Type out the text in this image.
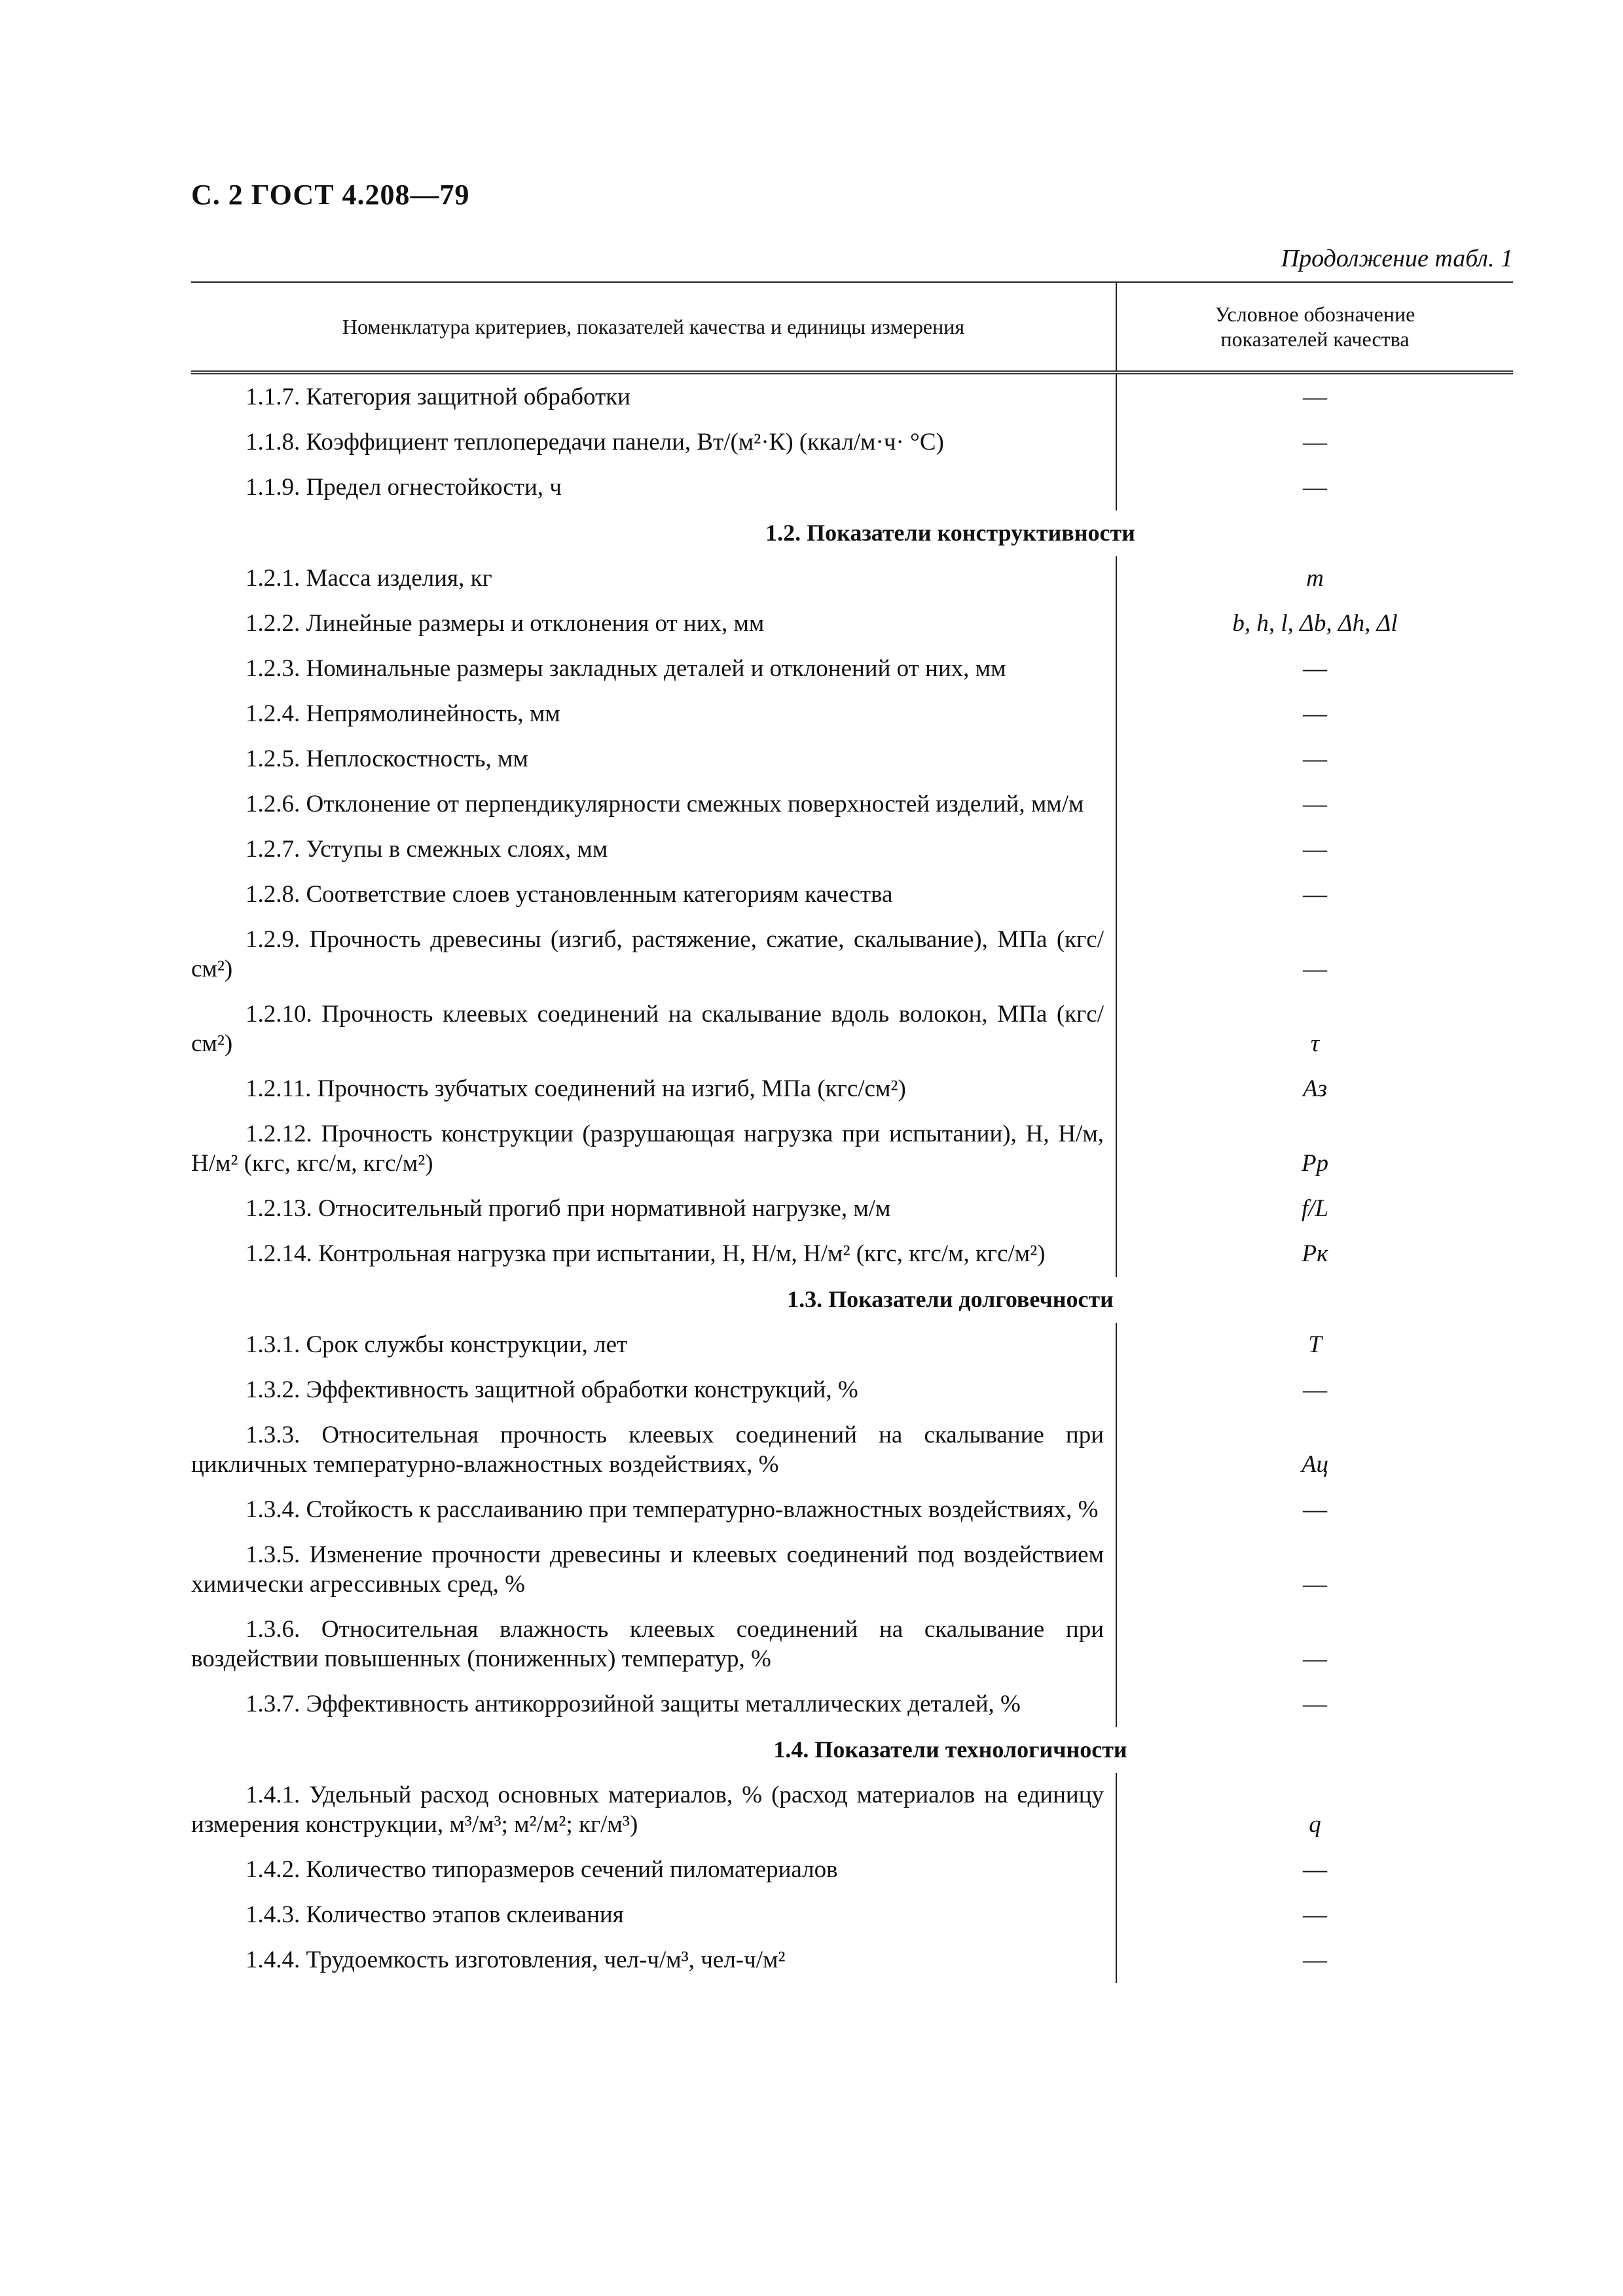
С. 2 ГОСТ 4.208—79
Продолжение табл. 1
Номенклатура критериев, показателей качества и единицы измерения	Условное обозначение показателей качества

1.1.7. Категория защитной обработки	—

1.1.8. Коэффициент теплопередачи панели, Вт/(м²·К) (ккал/м·ч· °С)	—

1.1.9. Предел огнестойкости, ч	—
1.2. Показатели конструктивности	

1.2.1. Масса изделия, кг	m

1.2.2. Линейные размеры и отклонения от них, мм	b, h, l, Δb, Δh, Δl

1.2.3. Номинальные размеры закладных деталей и отклонений от них, мм	—

1.2.4. Непрямолинейность, мм	—

1.2.5. Неплоскостность, мм	—

1.2.6. Отклонение от перпендикулярности смежных поверхностей изделий, мм/м	—

1.2.7. Уступы в смежных слоях, мм	—

1.2.8. Соответствие слоев установленным категориям качества	—

1.2.9. Прочность древесины (изгиб, растяжение, сжатие, скалывание), МПа (кгс/см²)	—

1.2.10. Прочность клеевых соединений на скалывание вдоль волокон, МПа (кгс/см²)	τ

1.2.11. Прочность зубчатых соединений на изгиб, МПа (кгс/см²)	Aз

1.2.12. Прочность конструкции (разрушающая нагрузка при испытании), Н, Н/м, Н/м² (кгс, кгс/м, кгс/м²)	Pр

1.2.13. Относительный прогиб при нормативной нагрузке, м/м	f/L

1.2.14. Контрольная нагрузка при испытании, Н, Н/м, Н/м² (кгс, кгс/м, кгс/м²)	Pк
1.3. Показатели долговечности	

1.3.1. Срок службы конструкции, лет	T

1.3.2. Эффективность защитной обработки конструкций, %	—

1.3.3. Относительная прочность клеевых соединений на скалывание при цикличных температурно-влажностных воздействиях, %	Aц

1.3.4. Стойкость к расслаиванию при температурно-влажностных воздействиях, %	—

1.3.5. Изменение прочности древесины и клеевых соединений под воздействием химически агрессивных сред, %	—

1.3.6. Относительная влажность клеевых соединений на скалывание при воздействии повышенных (пониженных) температур, %	—

1.3.7. Эффективность антикоррозийной защиты металлических деталей, %	—
1.4. Показатели технологичности	

1.4.1. Удельный расход основных материалов, % (расход материалов на единицу измерения конструкции, м³/м³; м²/м²; кг/м³)	q

1.4.2. Количество типоразмеров сечений пиломатериалов	—

1.4.3. Количество этапов склеивания	—

1.4.4. Трудоемкость изготовления, чел-ч/м³, чел-ч/м²	—
